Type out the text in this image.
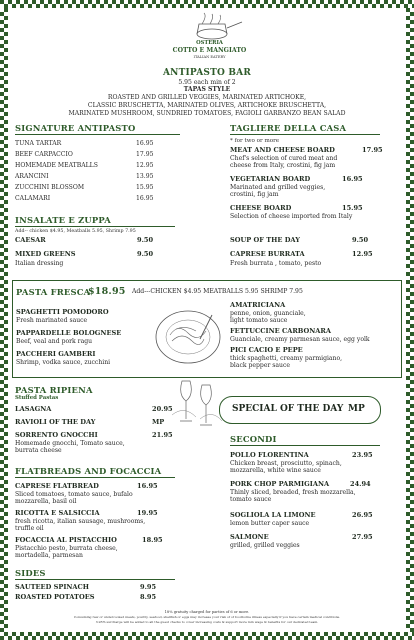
OSTERIA
COTTO E MANGIATO
ITALIAN EATERY
ANTIPASTO BAR
5.95 each min of 2
TAPAS STYLE
ROASTED AND GRILLED VEGGIES, MARINATED ARTICHOKE,
CLASSIC BRUSCHETTA, MARINATED OLIVES, ARTICHOKE BRUSCHETTA,
MARINATED MUSHROOM, SUNDRIED TOMATOES, FAGIOLI GARBANZO BEAN SALAD
SIGNATURE ANTIPASTO
TUNA TARTAR	16.95
BEEF CARPACCIO	17.95
HOMEMADE MEATBALLS	12.95
ARANCINI	13.95
ZUCCHINI BLOSSOM	15.95
CALAMARI	16.95
TAGLIERE DELLA CASA
* for two or more
MEAT AND CHEESE BOARD	17.95
Chef's selection of cured meat and
cheese from Italy, crostini, fig jam
VEGETARIAN BOARD	16.95
Marinated and grilled veggies,
crostini, fig jam
CHEESE BOARD	15.95
Selection of cheese imported from Italy
INSALATE E ZUPPA
Add-- chicken $4.95, Meatballs 5.95, Shrimp 7.95
CAESAR	9.50
MIXED GREENS	9.50
Italian dressing
SOUP OF THE DAY	9.50
CAPRESE BURRATA	12.95
Fresh burrata , tomato, pesto
PASTA FRESCA
$18.95 Add---CHICKEN $4.95 MEATBALLS 5.95 SHRIMP 7.95
SPAGHETTI POMODORO
Fresh marinated sauce
PAPPARDELLE BOLOGNESE
Beef, veal and pork ragu
PACCHERI GAMBERI
Shrimp, vodka sauce, zucchini
AMATRICIANA
penne, onion, guanciale,
light tomato sauce
FETTUCCINE CARBONARA
Guanciale, creamy parmesan sauce, egg yolk
PICI CACIO E PEPE
thick spaghetti, creamy parmigiano,
black pepper sauce
PASTA RIPIENA
Stuffed Pastas
LASAGNA	20.95
RAVIOLI OF THE DAY	MP
SORRENTO GNOCCHI	21.95
Homemade gnocchi, Tomato sauce,
burrata cheese
SPECIAL OF THE DAY MP
SECONDI
POLLO FLORENTINA	23.95
Chicken breast, prosciutto, spinach,
mozzarella, white wine sauce
PORK CHOP PARMIGIANA	24.94
Thinly sliced, breaded, fresh mozzarella,
tomato sauce
SOGLIOLA LA LIMONE	26.95
lemon butter caper sauce
SALMONE	27.95
grilled, grilled veggies
FLATBREADS AND FOCACCIA
CAPRESE FLATBREAD	16.95
Sliced tomatoes, tomato sauce, bufalo
mozzarella, basil oil
RICOTTA E SALSICCIA	19.95
fresh ricotta, italian sausage, mushrooms,
truffle oil
FOCACCIA AL PISTACCHIO	18.95
Pistacchio pesto, burrata cheese,
mortadella, parmesan
SIDES
SAUTEED SPINACH	9.95
ROASTED POTATOES	8.95
18% gratuity charged for parties of 6 or more.
Consuming raw or undercooked meats, poultry, seafood, shellfish or eggs may increase your risk of of foodborne illness especially if you have certain medical conditions.
3.95% surcharge will be added to all the guest checks to cover increasing costs & support more min wage & benefits for our dedicated team.
